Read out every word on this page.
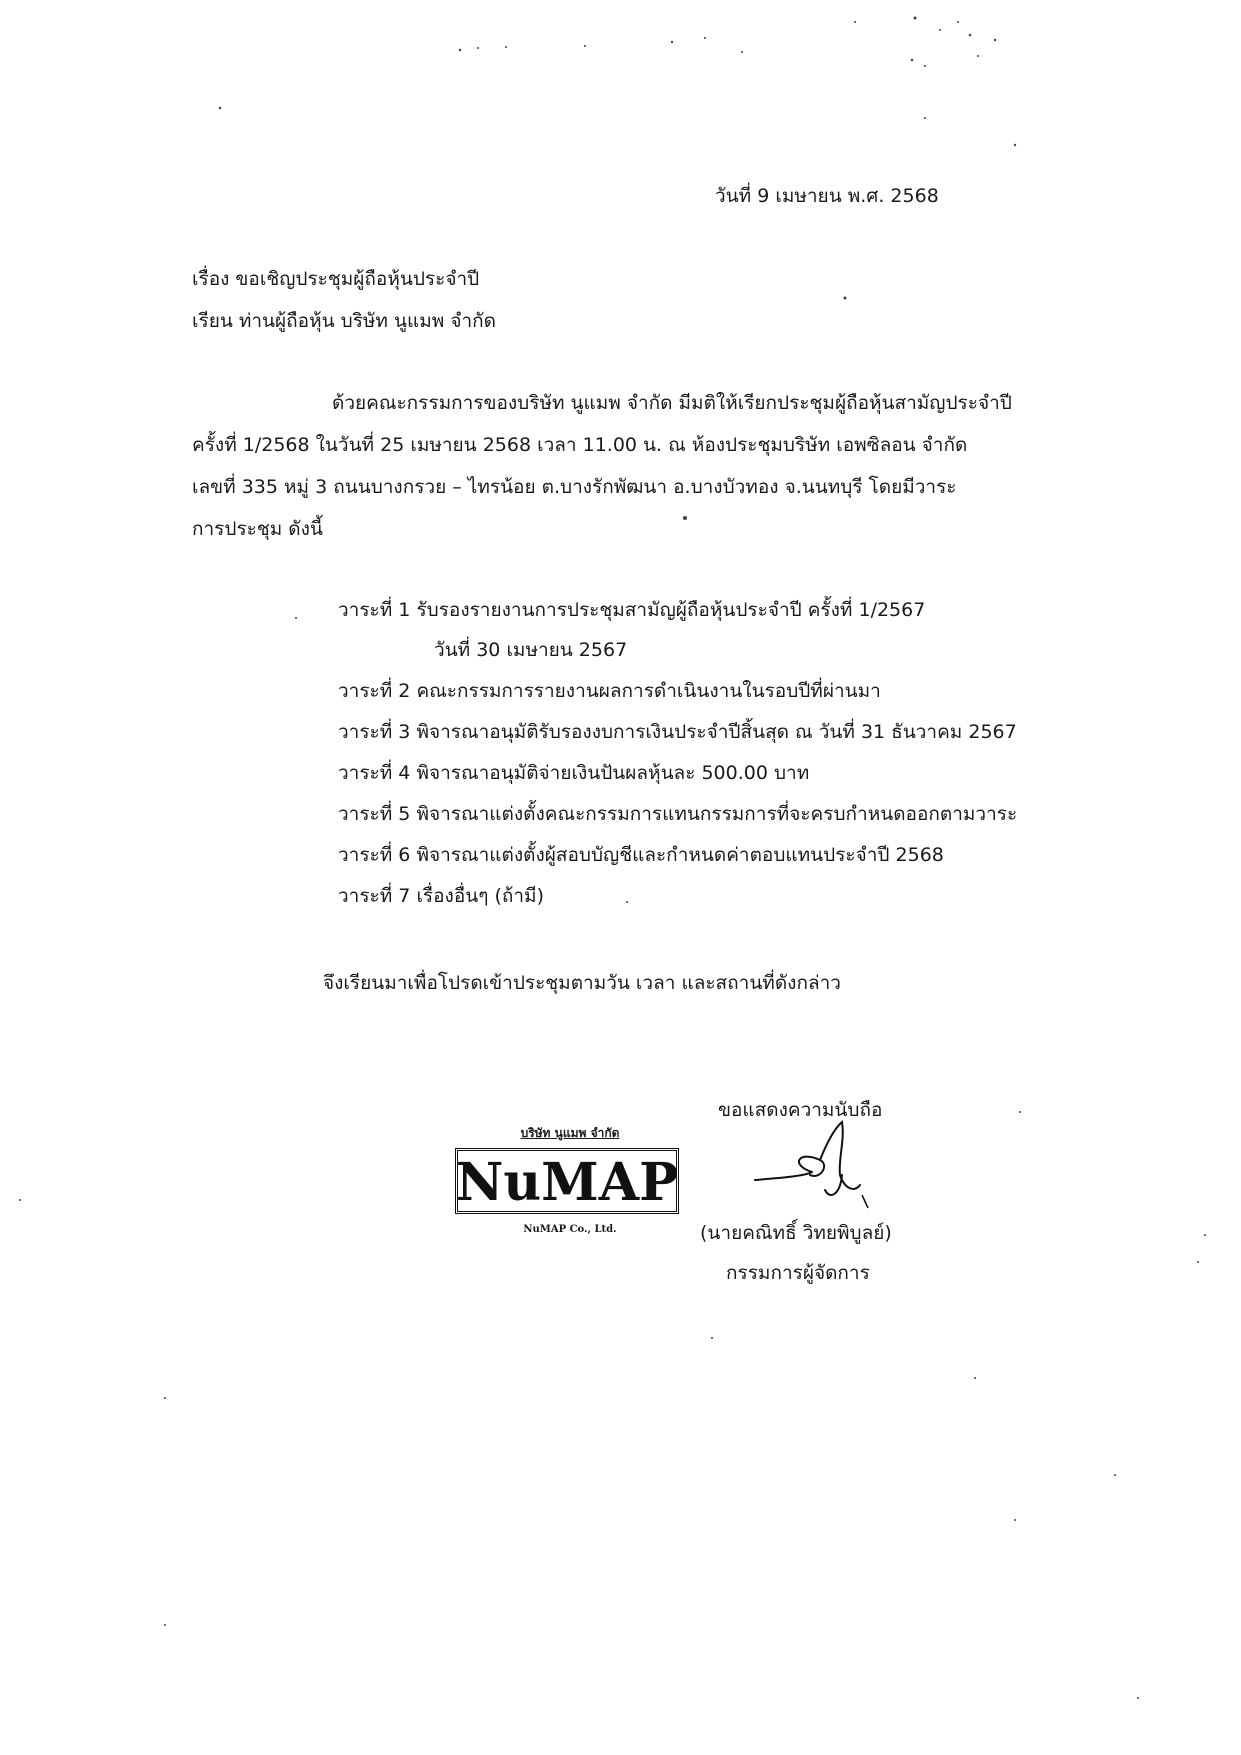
วันที่ 9 เมษายน พ.ศ. 2568
เรื่อง ขอเชิญประชุมผู้ถือหุ้นประจำปี
เรียน ท่านผู้ถือหุ้น บริษัท นูแมพ จำกัด
ด้วยคณะกรรมการของบริษัท นูแมพ จำกัด มีมติให้เรียกประชุมผู้ถือหุ้นสามัญประจำปี
ครั้งที่ 1/2568 ในวันที่ 25 เมษายน 2568 เวลา 11.00 น. ณ ห้องประชุมบริษัท เอพซิลอน จำกัด
เลขที่ 335 หมู่ 3 ถนนบางกรวย – ไทรน้อย ต.บางรักพัฒนา อ.บางบัวทอง จ.นนทบุรี โดยมีวาระ
การประชุม ดังนี้
วาระที่ 1 รับรองรายงานการประชุมสามัญผู้ถือหุ้นประจำปี ครั้งที่ 1/2567
วันที่ 30 เมษายน 2567
วาระที่ 2 คณะกรรมการรายงานผลการดำเนินงานในรอบปีที่ผ่านมา
วาระที่ 3 พิจารณาอนุมัติรับรองงบการเงินประจำปีสิ้นสุด ณ วันที่ 31 ธันวาคม 2567
วาระที่ 4 พิจารณาอนุมัติจ่ายเงินปันผลหุ้นละ 500.00 บาท
วาระที่ 5 พิจารณาแต่งตั้งคณะกรรมการแทนกรรมการที่จะครบกำหนดออกตามวาระ
วาระที่ 6 พิจารณาแต่งตั้งผู้สอบบัญชีและกำหนดค่าตอบแทนประจำปี 2568
วาระที่ 7 เรื่องอื่นๆ (ถ้ามี)
จึงเรียนมาเพื่อโปรดเข้าประชุมตามวัน เวลา และสถานที่ดังกล่าว
ขอแสดงความนับถือ
บริษัท นูแมพ จำกัด
NuMAP
NuMAP Co., Ltd.	(นายคณิทธิ์ วิทยพิบูลย์)
กรรมการผู้จัดการ
